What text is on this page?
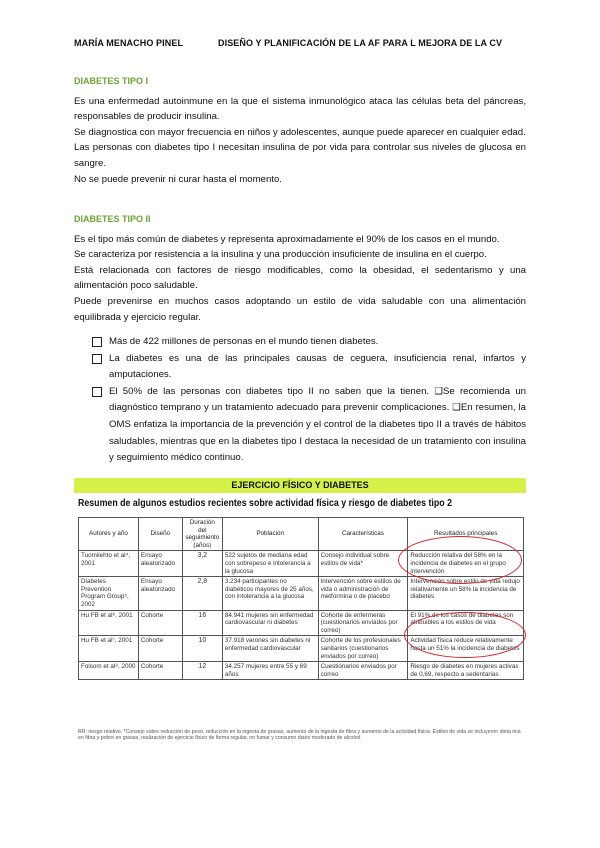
MARÍA MENACHO PINEL	DISEÑO Y PLANIFICACIÓN DE LA AF PARA L MEJORA DE LA CV
DIABETES TIPO I

Es una enfermedad autoinmune en la que el sistema inmunológico ataca las células beta del páncreas, responsables de producir insulina.

Se diagnostica con mayor frecuencia en niños y adolescentes, aunque puede aparecer en cualquier edad.

Las personas con diabetes tipo I necesitan insulina de por vida para controlar sus niveles de glucosa en sangre.

No se puede prevenir ni curar hasta el momento.

DIABETES TIPO II

Es el tipo más común de diabetes y representa aproximadamente el 90% de los casos en el mundo.

Se caracteriza por resistencia a la insulina y una producción insuficiente de insulina en el cuerpo.

Está relacionada con factores de riesgo modificables, como la obesidad, el sedentarismo y una alimentación poco saludable.

Puede prevenirse en muchos casos adoptando un estilo de vida saludable con una alimentación equilibrada y ejercicio regular.

Más de 422 millones de personas en el mundo tienen diabetes.
La diabetes es una de las principales causas de ceguera, insuficiencia renal, infartos y amputaciones.
El 50% de las personas con diabetes tipo II no saben que la tienen. ❑Se recomienda un diagnóstico temprano y un tratamiento adecuado para prevenir complicaciones. ❑En resumen, la OMS enfatiza la importancia de la prevención y el control de la diabetes tipo II a través de hábitos saludables, mientras que en la diabetes tipo I destaca la necesidad de un tratamiento con insulina y seguimiento médico continuo.
EJERCICIO FÍSICO Y DIABETES
Resumen de algunos estudios recientes sobre actividad física y riesgo de diabetes tipo 2
Autores y año	Diseño	Duración del seguimiento (años)	Población	Características	Resultados principales
Tuomilehto et al⁴, 2001	Ensayo aleatorizado	3,2	522 sujetos de mediana edad con sobrepeso e intolerancia a la glucosa	Consejo individual sobre estilos de vida*	Reducción relativa del 58% en la incidencia de diabetes en el grupo intervención
Diabetes Prevention Program Group⁵, 2002	Ensayo aleatorizado	2,8	3.234 participantes no diabéticos mayores de 25 años, con intolerancia a la glucosa	Intervención sobre estilos de vida o administración de metformina o de placebo	Intervención sobre estilo de vida redujo relativamente un 58% la incidencia de diabetes
Hu FB et al⁶, 2001	Cohorte	16	84.941 mujeres sin enfermedad cardiovascular ni diabetes	Cohorte de enfermeras (cuestionarios enviados por correo)	El 91% de los casos de diabetes son atribuibles a los estilos de vida
Hu FB et al⁷, 2001	Cohorte	10	37.918 varones sin diabetes ni enfermedad cardiovascular	Cohorte de los profesionales sanitarios (cuestionarios enviados por correo)	Actividad física reduce relativamente hasta un 51% la incidencia de diabetes
Folsom et al⁸, 2000	Cohorte	12	34.257 mujeres entre 55 y 69 años	Cuestionarios enviados por correo	Riesgo de diabetes en mujeres activas de 0,69, respecto a sedentarias
RR: riesgo relativo. *Consejo sobre reducción de peso, reducción en la ingesta de grasas, aumento de la ingesta de fibra y aumento de la actividad física. Estilos de vida se incluyeron dieta rica en fibra y pobre en grasas, realización de ejercicio físico de forma regular, no fumar y consumo diario moderado de alcohol.
